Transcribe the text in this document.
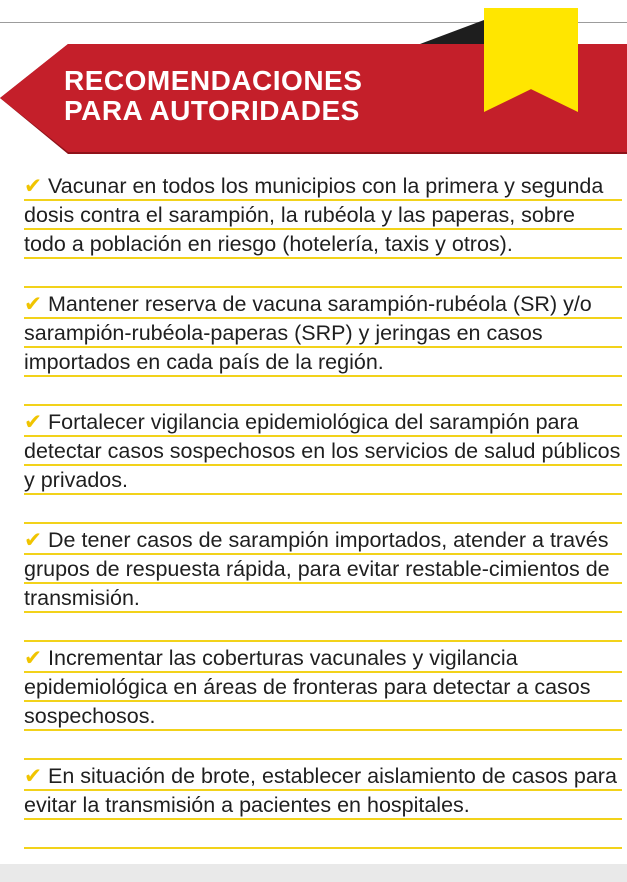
RECOMENDACIONES
PARA AUTORIDADES
✔ Vacunar en todos los municipios con la primera y segunda dosis contra el sarampión, la rubéola y las paperas, sobre todo a población en riesgo (hotelería, taxis y otros).
✔ Mantener reserva de vacuna sarampión-rubéola (SR) y/o sarampión-rubéola-paperas (SRP) y jeringas en casos importados en cada país de la región.
✔ Fortalecer vigilancia epidemiológica del sarampión para detectar casos sospechosos en los servicios de salud públicos y privados.
✔ De tener casos de sarampión importados, atender a través grupos de respuesta rápida, para evitar restable-cimientos de transmisión.
✔ Incrementar las coberturas vacunales y vigilancia epidemiológica en áreas de fronteras para detectar a casos sospechosos.
✔ En situación de brote, establecer aislamiento de casos para evitar la transmisión a pacientes en hospitales.
